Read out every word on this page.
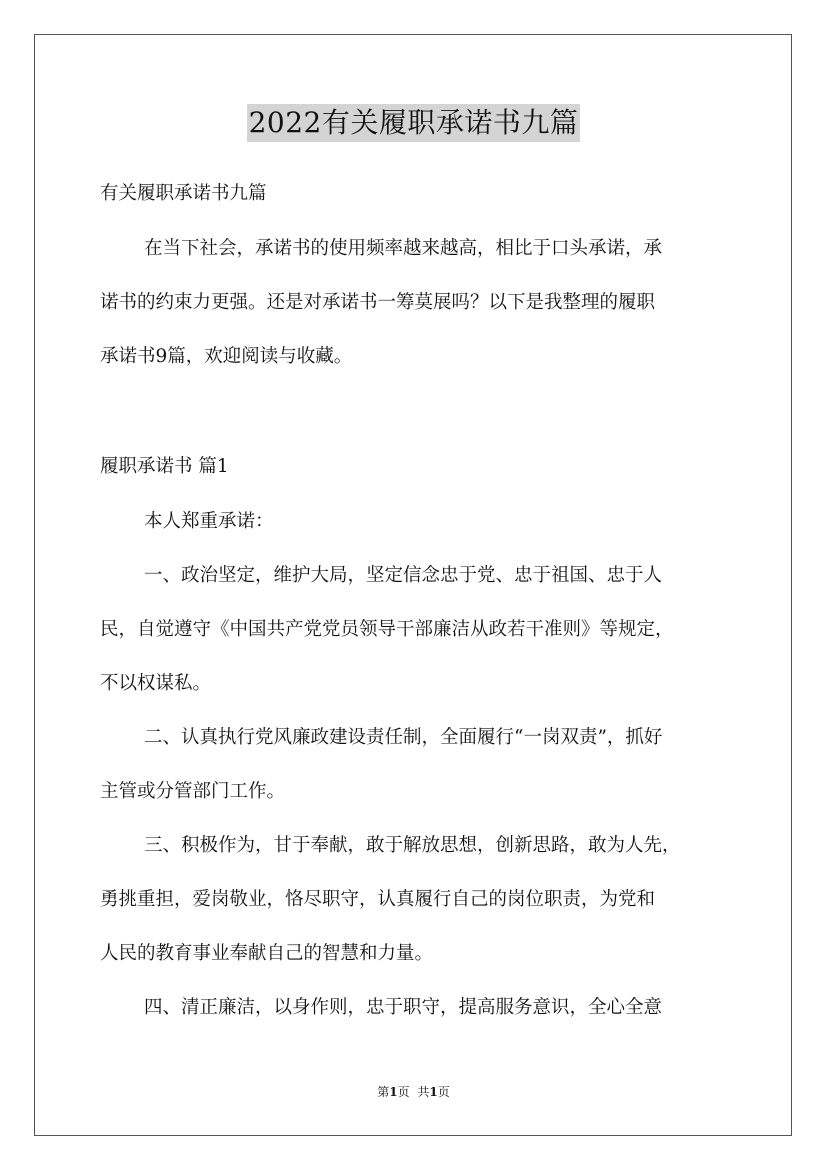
2022有关履职承诺书九篇
有关履职承诺书九篇
在当下社会，承诺书的使用频率越来越高，相比于口头承诺，承
诺书的约束力更强。还是对承诺书一筹莫展吗？以下是我整理的履职
承诺书9篇，欢迎阅读与收藏。
履职承诺书 篇1
本人郑重承诺：
一、政治坚定，维护大局，坚定信念忠于党、忠于祖国、忠于人
民，自觉遵守《中国共产党党员领导干部廉洁从政若干准则》等规定，
不以权谋私。
二、认真执行党风廉政建设责任制，全面履行“一岗双责”，抓好
主管或分管部门工作。
三、积极作为，甘于奉献，敢于解放思想，创新思路，敢为人先，
勇挑重担，爱岗敬业，恪尽职守，认真履行自己的岗位职责，为党和
人民的教育事业奉献自己的智慧和力量。
四、清正廉洁，以身作则，忠于职守，提高服务意识，全心全意
第1页 共1页
